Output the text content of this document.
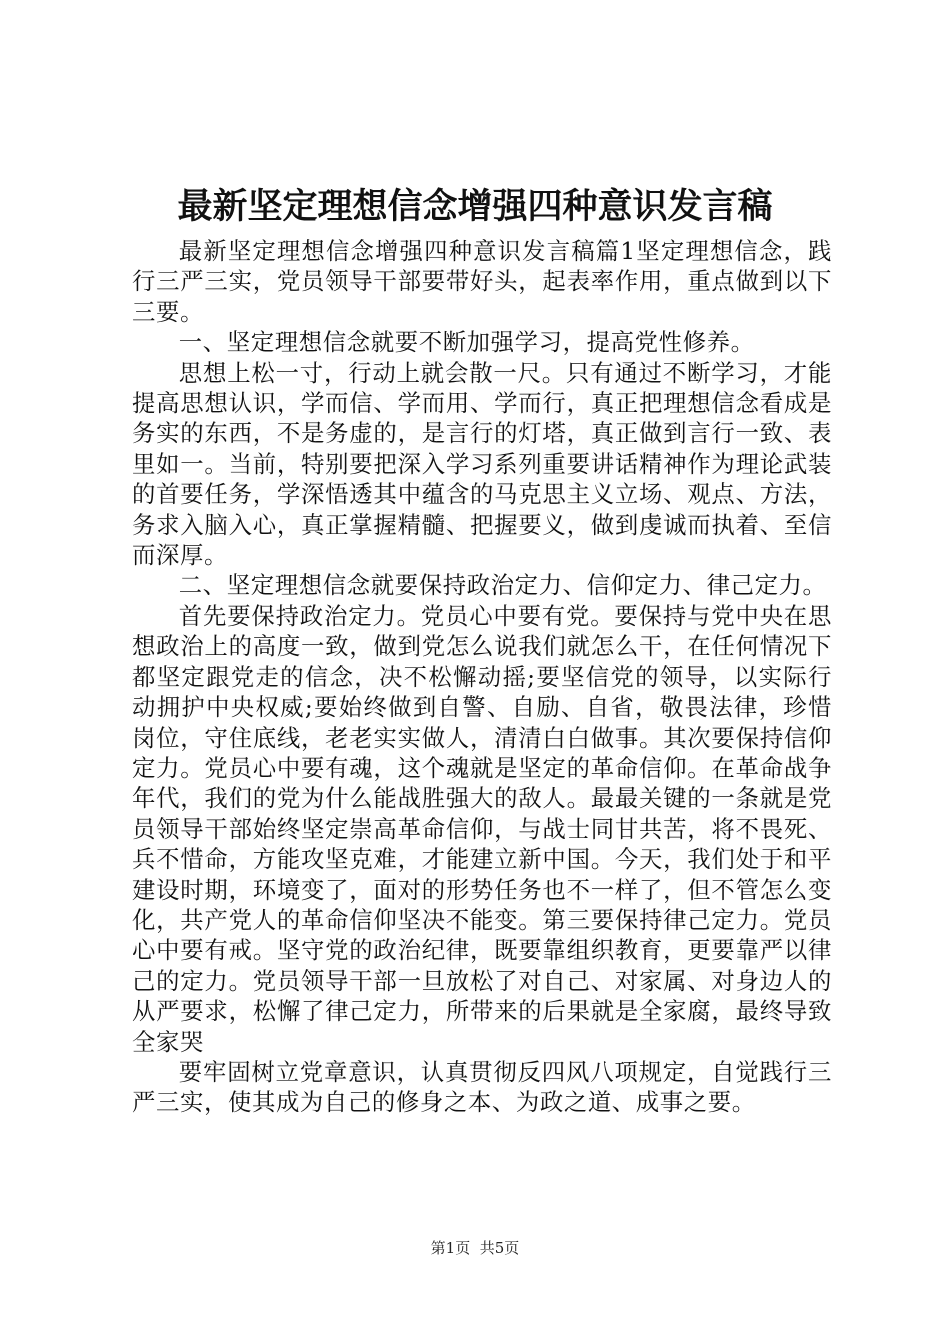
最新坚定理想信念增强四种意识发言稿

最新坚定理想信念增强四种意识发言稿篇1坚定理想信念，践行三严三实，党员领导干部要带好头，起表率作用，重点做到以下三要。

一、坚定理想信念就要不断加强学习，提高党性修养。

思想上松一寸，行动上就会散一尺。只有通过不断学习，才能提高思想认识，学而信、学而用、学而行，真正把理想信念看成是务实的东西，不是务虚的，是言行的灯塔，真正做到言行一致、表里如一。当前，特别要把深入学习系列重要讲话精神作为理论武装的首要任务，学深悟透其中蕴含的马克思主义立场、观点、方法，务求入脑入心，真正掌握精髓、把握要义，做到虔诚而执着、至信而深厚。

二、坚定理想信念就要保持政治定力、信仰定力、律己定力。

首先要保持政治定力。党员心中要有党。要保持与党中央在思想政治上的高度一致，做到党怎么说我们就怎么干，在任何情况下都坚定跟党走的信念，决不松懈动摇;要坚信党的领导，以实际行动拥护中央权威;要始终做到自警、自励、自省，敬畏法律，珍惜岗位，守住底线，老老实实做人，清清白白做事。其次要保持信仰定力。党员心中要有魂，这个魂就是坚定的革命信仰。在革命战争年代，我们的党为什么能战胜强大的敌人。最最关键的一条就是党员领导干部始终坚定崇高革命信仰，与战士同甘共苦，将不畏死、兵不惜命，方能攻坚克难，才能建立新中国。今天，我们处于和平建设时期，环境变了，面对的形势任务也不一样了，但不管怎么变化，共产党人的革命信仰坚决不能变。第三要保持律己定力。党员心中要有戒。坚守党的政治纪律，既要靠组织教育，更要靠严以律己的定力。党员领导干部一旦放松了对自己、对家属、对身边人的从严要求，松懈了律己定力，所带来的后果就是全家腐，最终导致全家哭

要牢固树立党章意识，认真贯彻反四风八项规定，自觉践行三严三实，使其成为自己的修身之本、为政之道、成事之要。

第1页 共5页
